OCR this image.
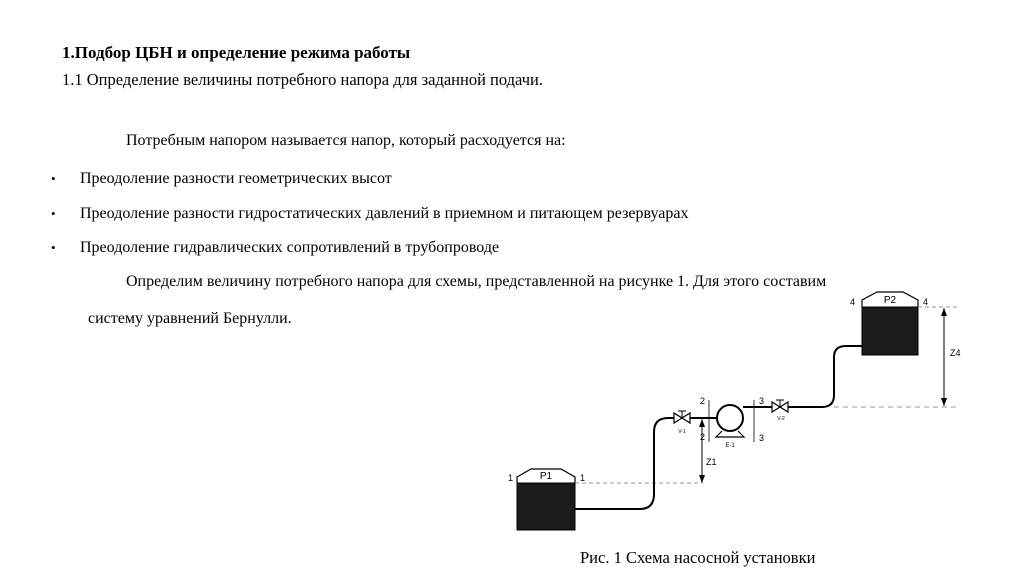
1.Подбор ЦБН и определение режима работы
1.1 Определение величины потребного напора для заданной подачи.
Потребным напором называется напор, который расходуется на:
• Преодоление разности геометрических высот
• Преодоление разности гидростатических давлений в приемном и питающем резервуарах
• Преодоление гидравлических сопротивлений в трубопроводе
Определим величину потребного напора для схемы, представленной на рисунке 1. Для этого составим
систему уравнений Бернулли.
P1
1	1
V-1
2
2
Z1
E-1
3
3
V-2
P2
4	4
Z4
Рис. 1 Схема насосной установки
